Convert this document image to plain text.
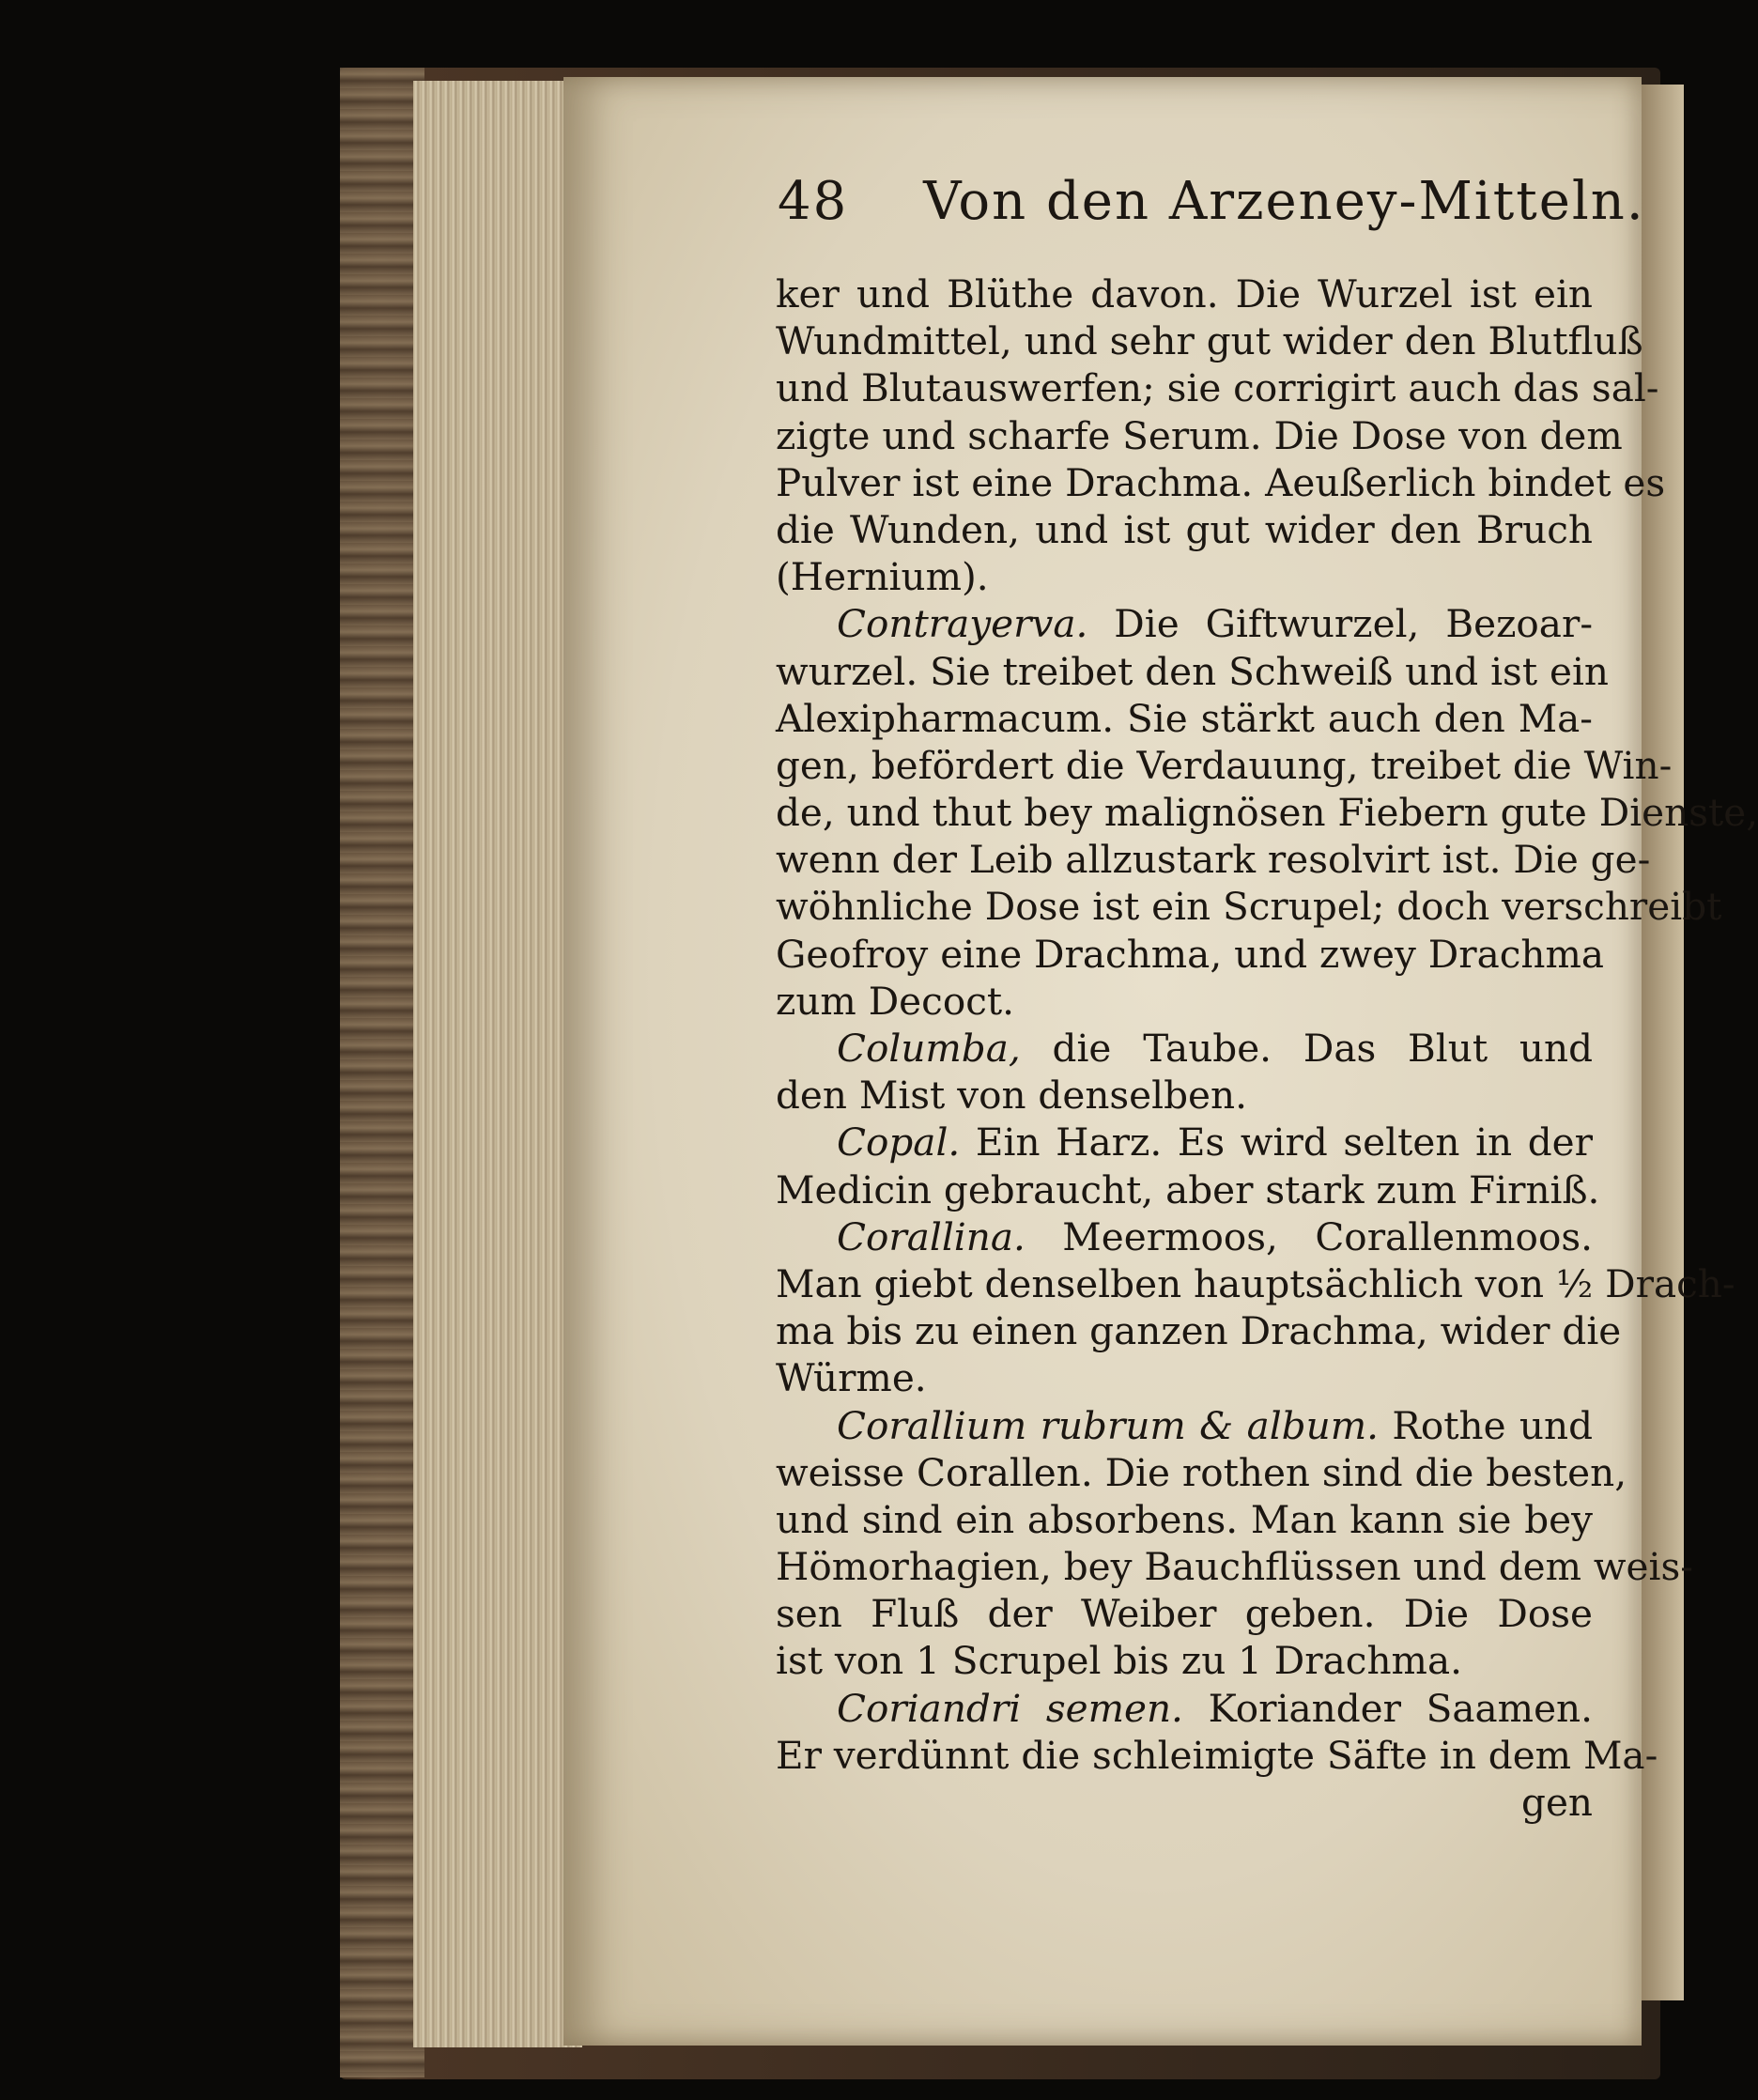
48 Von den Arzeney-Mitteln.
ker und Blüthe davon. Die Wurzel ist ein
Wundmittel, und sehr gut wider den Blutfluß
und Blutauswerfen; sie corrigirt auch das sal-
zigte und scharfe Serum. Die Dose von dem
Pulver ist eine Drachma. Aeußerlich bindet es
die Wunden, und ist gut wider den Bruch
(Hernium).
Contrayerva. Die Giftwurzel, Bezoar-
wurzel. Sie treibet den Schweiß und ist ein
Alexipharmacum. Sie stärkt auch den Ma-
gen, befördert die Verdauung, treibet die Win-
de, und thut bey malignösen Fiebern gute Dienste,
wenn der Leib allzustark resolvirt ist. Die ge-
wöhnliche Dose ist ein Scrupel; doch verschreibt
Geofroy eine Drachma, und zwey Drachma
zum Decoct.
Columba, die Taube. Das Blut und
den Mist von denselben.
Copal. Ein Harz. Es wird selten in der
Medicin gebraucht, aber stark zum Firniß.
Corallina. Meermoos, Corallenmoos.
Man giebt denselben hauptsächlich von ½ Drach-
ma bis zu einen ganzen Drachma, wider die
Würme.
Corallium rubrum & album. Rothe und
weisse Corallen. Die rothen sind die besten,
und sind ein absorbens. Man kann sie bey
Hömorhagien, bey Bauchflüssen und dem weis-
sen Fluß der Weiber geben. Die Dose
ist von 1 Scrupel bis zu 1 Drachma.
Coriandri semen. Koriander Saamen.
Er verdünnt die schleimigte Säfte in dem Ma-
gen
